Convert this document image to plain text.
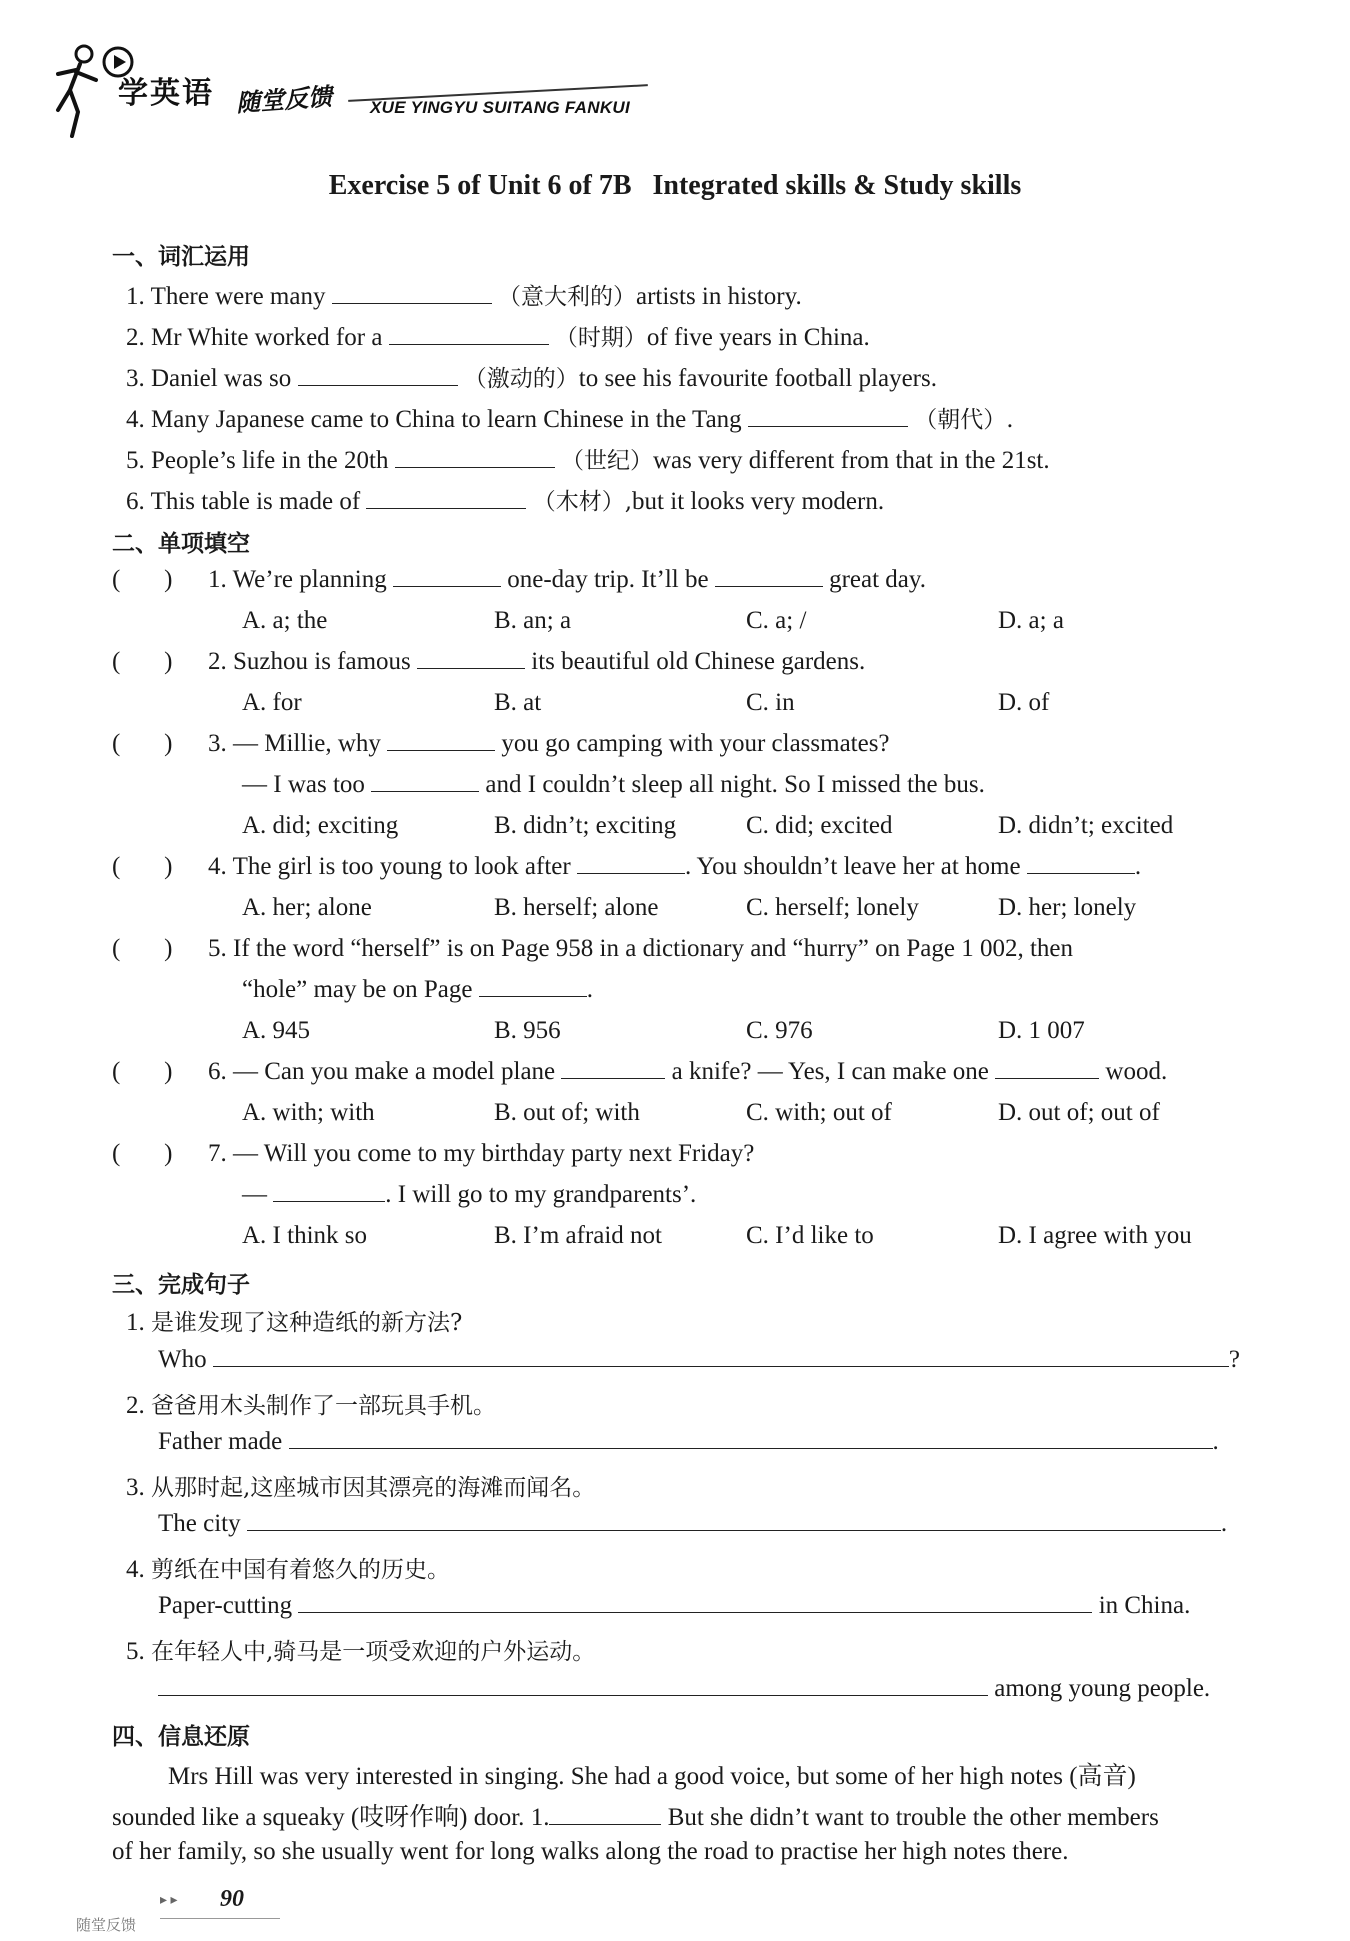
学英语 随堂反馈 XUE YINGYU SUITANG FANKUI
Exercise 5 of Unit 6 of 7B   Integrated skills & Study skills
一、词汇运用
1. There were many	（意大利的）artists in history.
2. Mr White worked for a	（时期）of five years in China.
3. Daniel was so	（激动的）to see his favourite football players.
4. Many Japanese came to China to learn Chinese in the Tang	（朝代）.
5. People’s life in the 20th	（世纪）was very different from that in the 21st.
6. This table is made of	（木材）,but it looks very modern.
二、单项填空
(       ) 1. We’re planning	one-day trip. It’ll be	great day.
A. a; the	B. an; a	C. a; /	D. a; a
(       ) 2. Suzhou is famous	its beautiful old Chinese gardens.
A. for	B. at	C. in	D. of
(       ) 3. — Millie, why	you go camping with your classmates?
— I was too	and I couldn’t sleep all night. So I missed the bus.
A. did; exciting	B. didn’t; exciting	C. did; excited	D. didn’t; excited
(       ) 4. The girl is too young to look after	. You shouldn’t leave her at home	.
A. her; alone	B. herself; alone	C. herself; lonely	D. her; lonely
(       ) 5. If the word “herself” is on Page 958 in a dictionary and “hurry” on Page 1 002, then
“hole” may be on Page	.
A. 945	B. 956	C. 976	D. 1 007
(       ) 6. — Can you make a model plane	a knife? — Yes, I can make one	wood.
A. with; with	B. out of; with	C. with; out of	D. out of; out of
(       ) 7. — Will you come to my birthday party next Friday?
—	. I will go to my grandparents’.
A. I think so	B. I’m afraid not	C. I’d like to	D. I agree with you
三、完成句子
1. 是谁发现了这种造纸的新方法?
Who	?
2. 爸爸用木头制作了一部玩具手机。
Father made	.
3. 从那时起,这座城市因其漂亮的海滩而闻名。
The city	.
4. 剪纸在中国有着悠久的历史。
Paper-cutting	in China.
5. 在年轻人中,骑马是一项受欢迎的户外运动。
among young people.
四、信息还原
Mrs Hill was very interested in singing. She had a good voice, but some of her high notes (高音)
sounded like a squeaky (吱呀作响) door. 1.	But she didn’t want to trouble the other members
of her family, so she usually went for long walks along the road to practise her high notes there.
▸ ▸ 90
随堂反馈
